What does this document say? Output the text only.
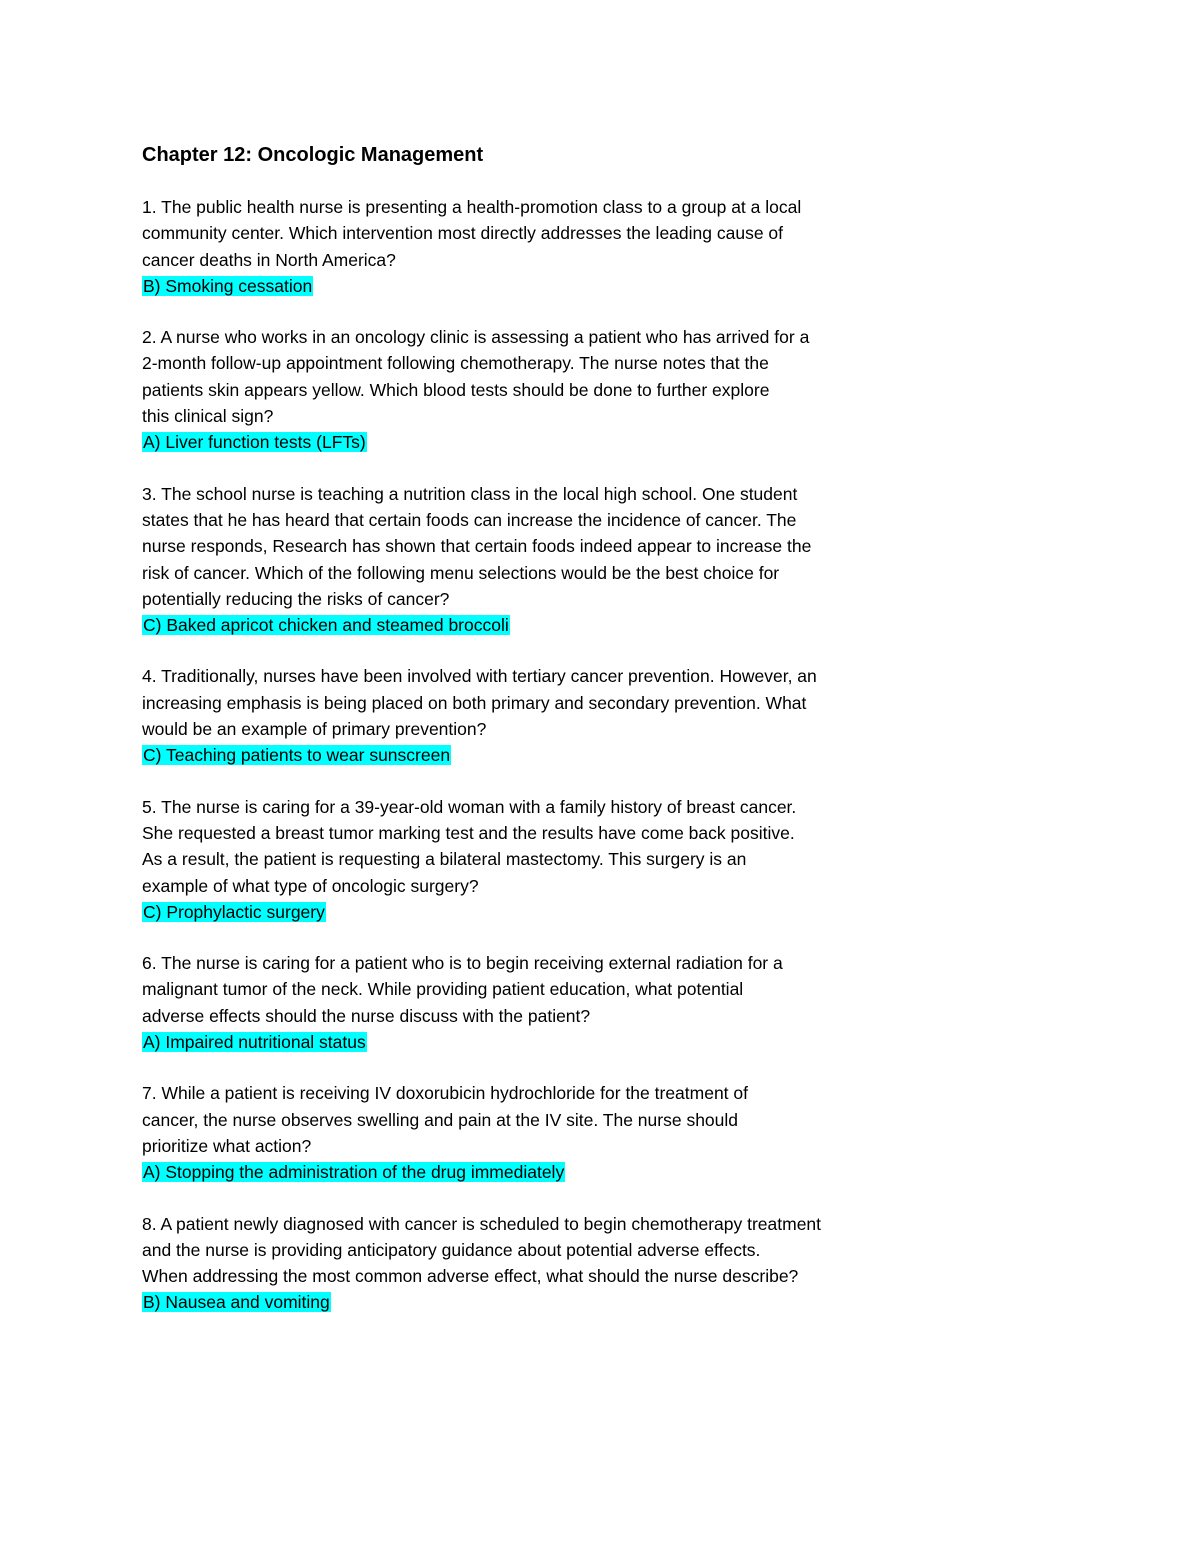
Chapter 12: Oncologic Management

1. The public health nurse is presenting a health-promotion class to a group at a local
community center. Which intervention most directly addresses the leading cause of
cancer deaths in North America?

B) Smoking cessation

2. A nurse who works in an oncology clinic is assessing a patient who has arrived for a
2-month follow-up appointment following chemotherapy. The nurse notes that the
patients skin appears yellow. Which blood tests should be done to further explore
this clinical sign?

A) Liver function tests (LFTs)

3. The school nurse is teaching a nutrition class in the local high school. One student
states that he has heard that certain foods can increase the incidence of cancer. The
nurse responds, Research has shown that certain foods indeed appear to increase the
risk of cancer. Which of the following menu selections would be the best choice for
potentially reducing the risks of cancer?

C) Baked apricot chicken and steamed broccoli

4. Traditionally, nurses have been involved with tertiary cancer prevention. However, an
increasing emphasis is being placed on both primary and secondary prevention. What
would be an example of primary prevention?

C) Teaching patients to wear sunscreen

5. The nurse is caring for a 39-year-old woman with a family history of breast cancer.
She requested a breast tumor marking test and the results have come back positive.
As a result, the patient is requesting a bilateral mastectomy. This surgery is an
example of what type of oncologic surgery?

C) Prophylactic surgery

6. The nurse is caring for a patient who is to begin receiving external radiation for a
malignant tumor of the neck. While providing patient education, what potential
adverse effects should the nurse discuss with the patient?

A) Impaired nutritional status

7. While a patient is receiving IV doxorubicin hydrochloride for the treatment of
cancer, the nurse observes swelling and pain at the IV site. The nurse should
prioritize what action?

A) Stopping the administration of the drug immediately

8. A patient newly diagnosed with cancer is scheduled to begin chemotherapy treatment
and the nurse is providing anticipatory guidance about potential adverse effects.
When addressing the most common adverse effect, what should the nurse describe?

B) Nausea and vomiting
